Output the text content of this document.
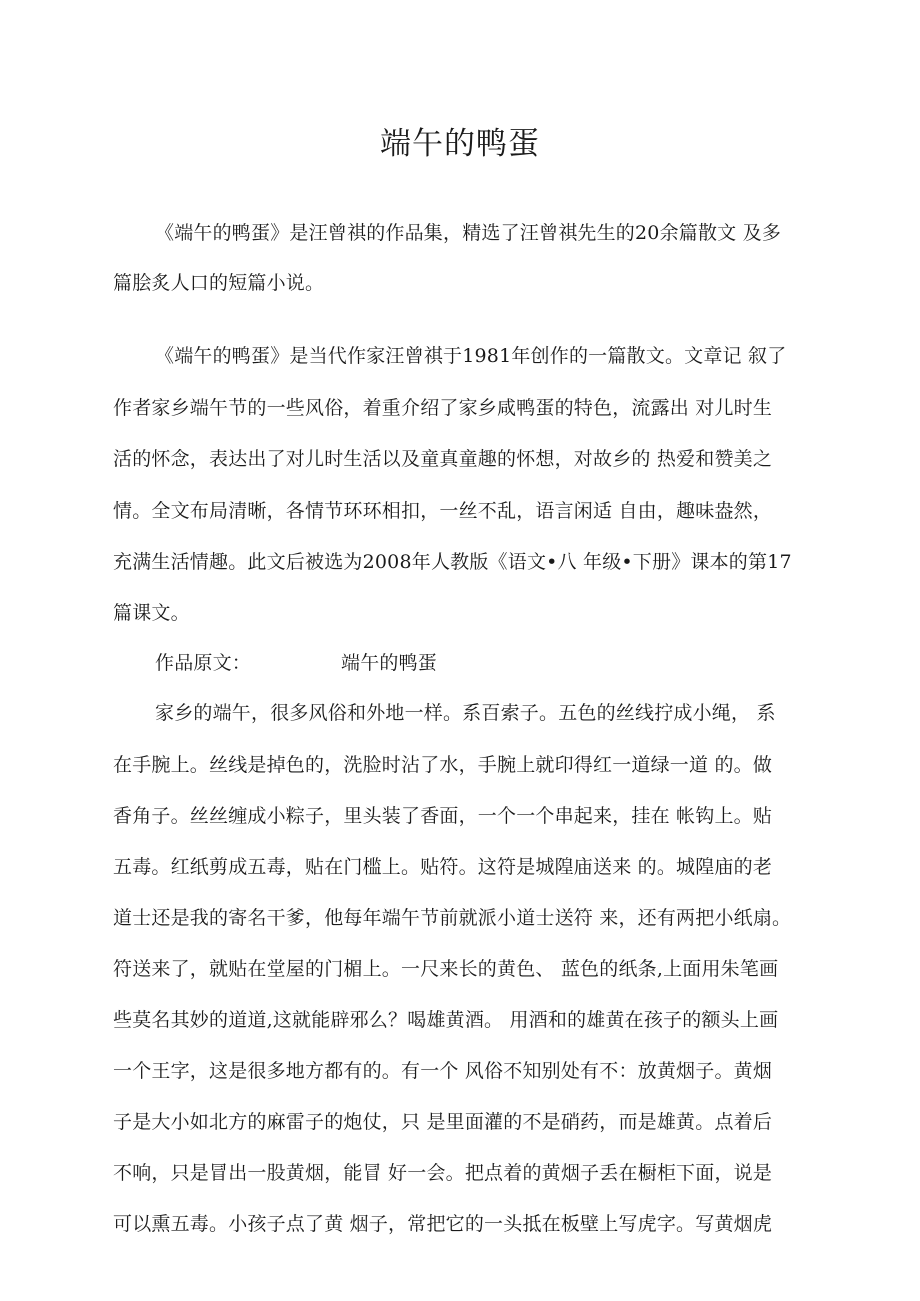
端午的鸭蛋
《端午的鸭蛋》是汪曾祺的作品集，精选了汪曾祺先生的20余篇散文 及多
篇脍炙人口的短篇小说。
《端午的鸭蛋》是当代作家汪曾祺于1981年创作的一篇散文。文章记 叙了
作者家乡端午节的一些风俗，着重介绍了家乡咸鸭蛋的特色，流露出 对儿时生
活的怀念，表达出了对儿时生活以及童真童趣的怀想，对故乡的 热爱和赞美之
情。全文布局清晰，各情节环环相扣，一丝不乱，语言闲适 自由，趣味盎然，
充满生活情趣。此文后被选为2008年人教版《语文•八 年级•下册》课本的第17
篇课文。
作品原文：	端午的鸭蛋
家乡的端午，很多风俗和外地一样。系百索子。五色的丝线拧成小绳， 系
在手腕上。丝线是掉色的，洗脸时沾了水，手腕上就印得红一道绿一道 的。做
香角子。丝丝缠成小粽子，里头装了香面，一个一个串起来，挂在 帐钩上。贴
五毒。红纸剪成五毒，贴在门槛上。贴符。这符是城隍庙送来 的。城隍庙的老
道士还是我的寄名干爹，他每年端午节前就派小道士送符 来，还有两把小纸扇。
符送来了，就贴在堂屋的门楣上。一尺来长的黄色、 蓝色的纸条,上面用朱笔画
些莫名其妙的道道,这就能辟邪么？喝雄黄酒。 用酒和的雄黄在孩子的额头上画
一个王字，这是很多地方都有的。有一个 风俗不知别处有不：放黄烟子。黄烟
子是大小如北方的麻雷子的炮仗，只 是里面灌的不是硝药，而是雄黄。点着后
不响，只是冒出一股黄烟，能冒 好一会。把点着的黄烟子丢在橱柜下面，说是
可以熏五毒。小孩子点了黄 烟子，常把它的一头抵在板壁上写虎字。写黄烟虎
